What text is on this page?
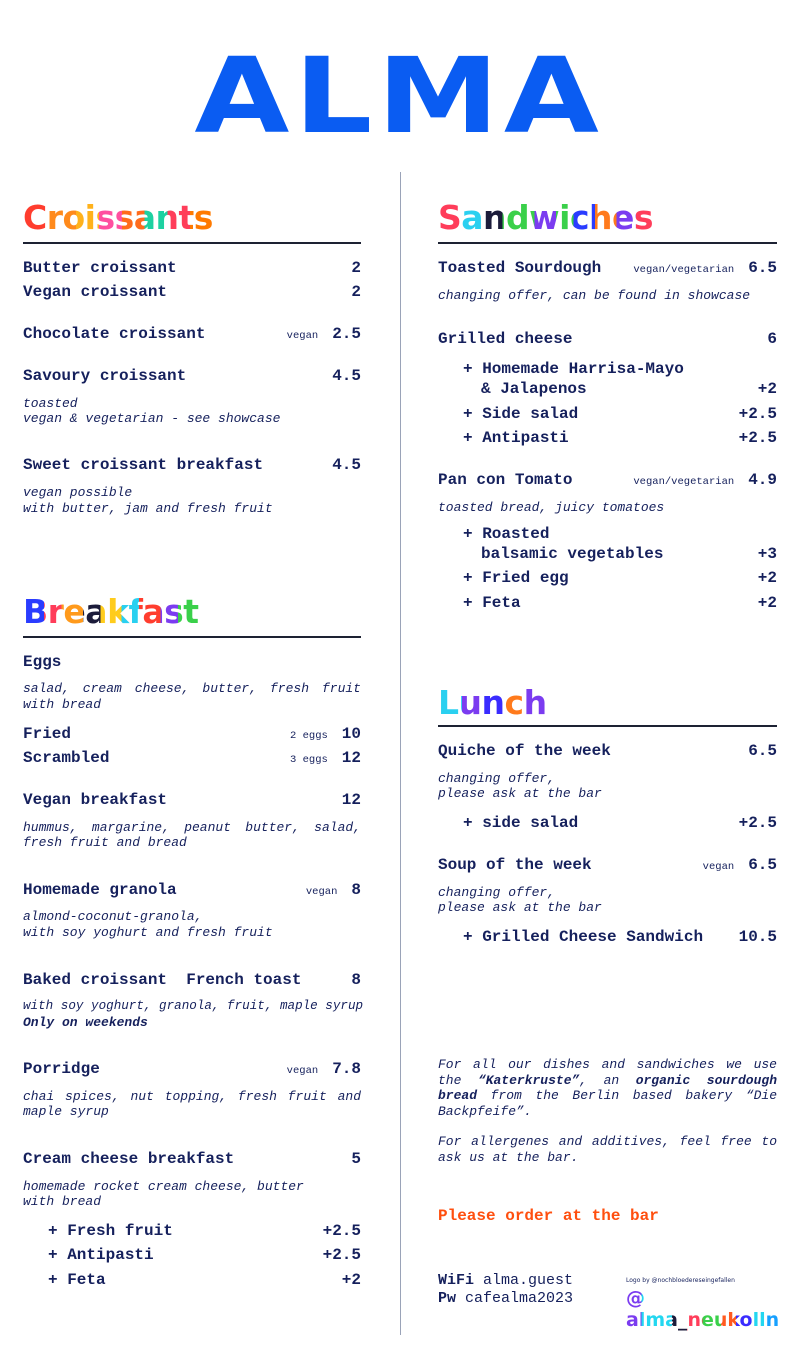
ALMA
Croissants
Butter croissant	2
Vegan croissant	2
Chocolate croissant	vegan 2.5
Savoury croissant	4.5
toasted
vegan & vegetarian - see showcase
Sweet croissant breakfast	4.5
vegan possible
with butter, jam and fresh fruit
Breakfast
Eggs
salad, cream cheese, butter, fresh fruit
with bread
Fried	2 eggs 10
Scrambled	3 eggs 12
Vegan breakfast	12
hummus, margarine, peanut butter, salad,
fresh fruit and bread
Homemade granola	vegan 8
almond-coconut-granola,
with soy yoghurt and fresh fruit
Baked croissant  French toast	8
with soy yoghurt, granola, fruit, maple syrup
Only on weekends
Porridge	vegan 7.8
chai spices, nut topping, fresh fruit and
maple syrup
Cream cheese breakfast	5
homemade rocket cream cheese, butter
with bread
+ Fresh fruit	+2.5
+ Antipasti	+2.5
+ Feta	+2
Sandwiches
Toasted Sourdough	vegan/vegetarian 6.5
changing offer, can be found in showcase
Grilled cheese	6
+ Homemade Harrisa-Mayo
& Jalapenos	+2
+ Side salad	+2.5
+ Antipasti	+2.5
Pan con Tomato	vegan/vegetarian 4.9
toasted bread, juicy tomatoes
+ Roasted
balsamic vegetables	+3
+ Fried egg	+2
+ Feta	+2
Lunch
Quiche of the week	6.5
changing offer,
please ask at the bar
+ side salad	+2.5
Soup of the week	vegan 6.5
changing offer,
please ask at the bar
+ Grilled Cheese Sandwich	10.5
For all our dishes and sandwiches we use the “Katerkruste”, an organic sourdough bread from the Berlin based bakery “Die Backpfeife”.
For allergenes and additives, feel free to ask us at the bar.
Please order at the bar
WiFi alma.guest
Pw cafealma2023
Logo by @nochbloedereseingefallen
@ alma_neukolln
